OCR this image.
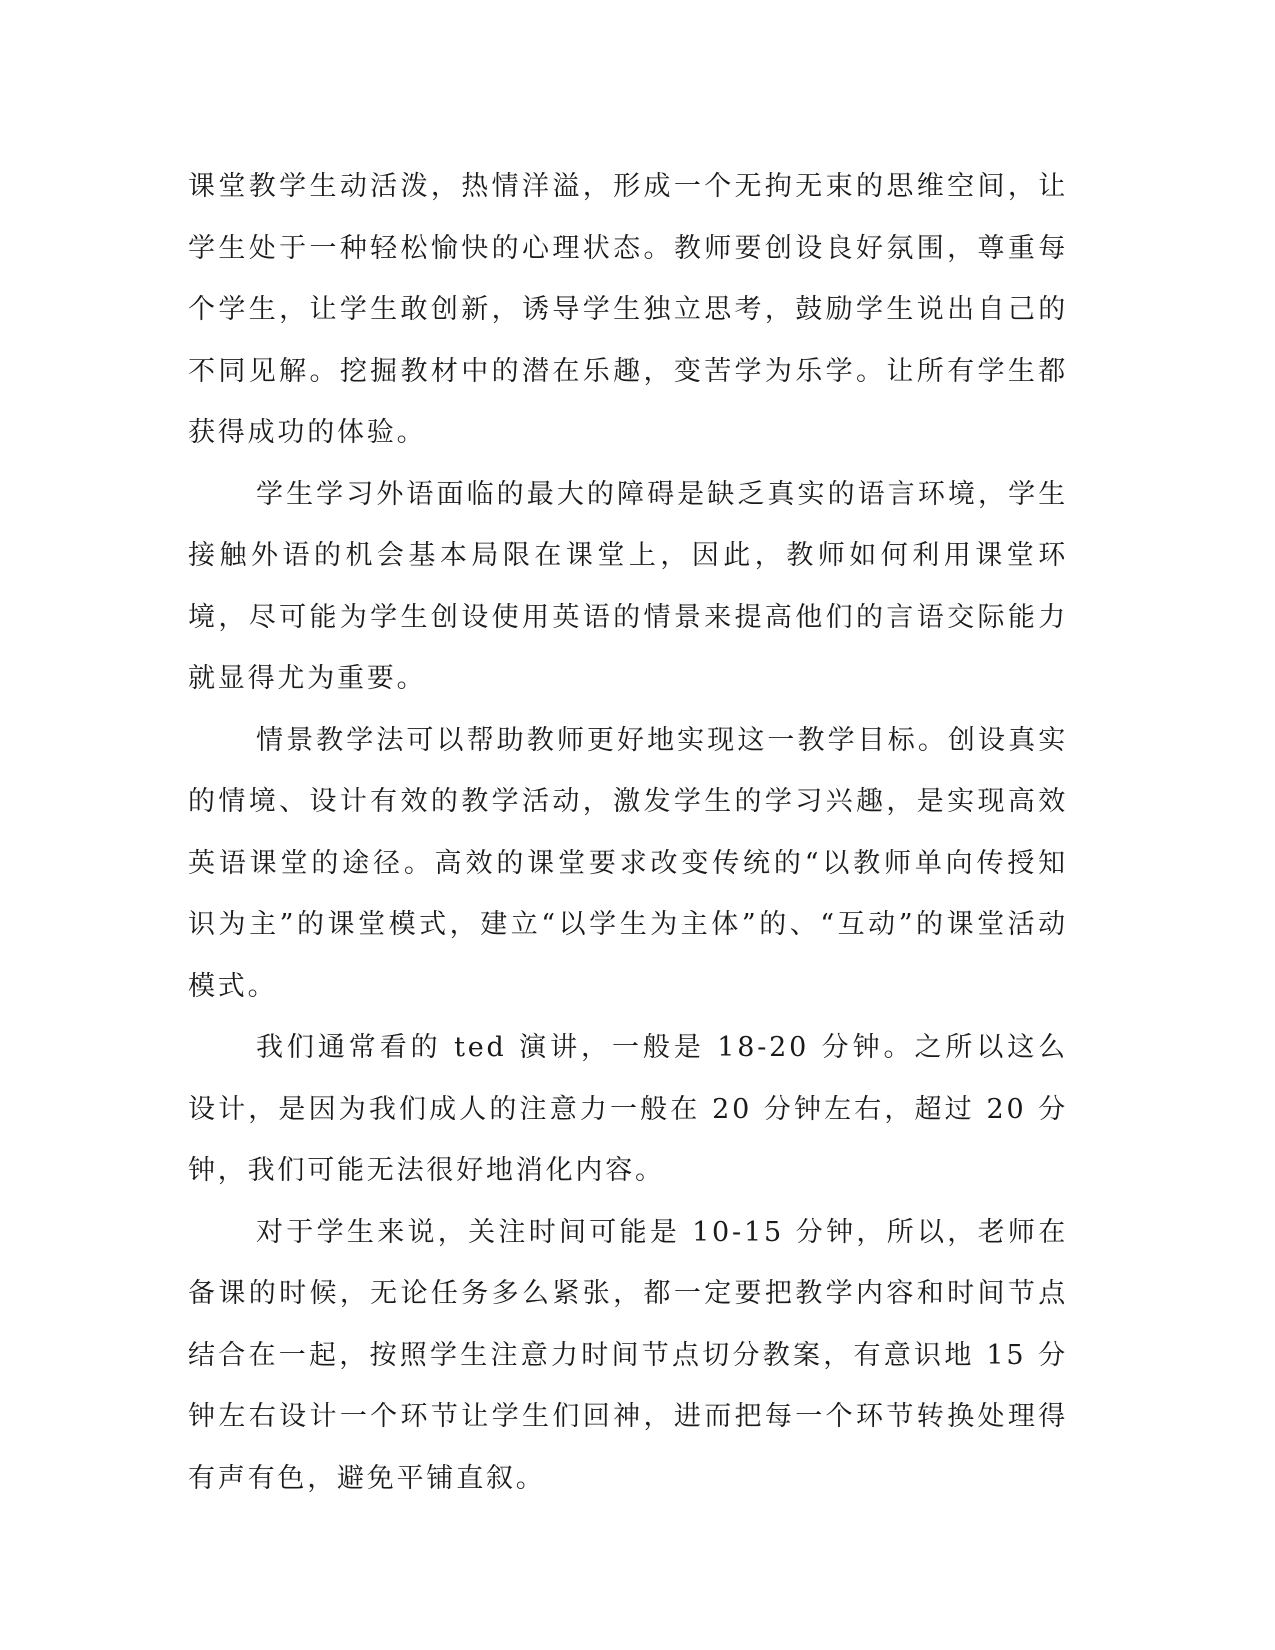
课堂教学生动活泼，热情洋溢，形成一个无拘无束的思维空间，让学生处于一种轻松愉快的心理状态。教师要创设良好氛围，尊重每个学生，让学生敢创新，诱导学生独立思考，鼓励学生说出自己的不同见解。挖掘教材中的潜在乐趣，变苦学为乐学。让所有学生都获得成功的体验。

学生学习外语面临的最大的障碍是缺乏真实的语言环境，学生接触外语的机会基本局限在课堂上，因此，教师如何利用课堂环境，尽可能为学生创设使用英语的情景来提高他们的言语交际能力就显得尤为重要。

情景教学法可以帮助教师更好地实现这一教学目标。创设真实的情境、设计有效的教学活动，激发学生的学习兴趣，是实现高效英语课堂的途径。高效的课堂要求改变传统的“以教师单向传授知识为主”的课堂模式，建立“以学生为主体”的、“互动”的课堂活动模式。

我们通常看的 ted 演讲，一般是 18-20 分钟。之所以这么设计，是因为我们成人的注意力一般在 20 分钟左右，超过 20 分钟，我们可能无法很好地消化内容。

对于学生来说，关注时间可能是 10-15 分钟，所以，老师在备课的时候，无论任务多么紧张，都一定要把教学内容和时间节点结合在一起，按照学生注意力时间节点切分教案，有意识地 15 分钟左右设计一个环节让学生们回神，进而把每一个环节转换处理得有声有色，避免平铺直叙。
